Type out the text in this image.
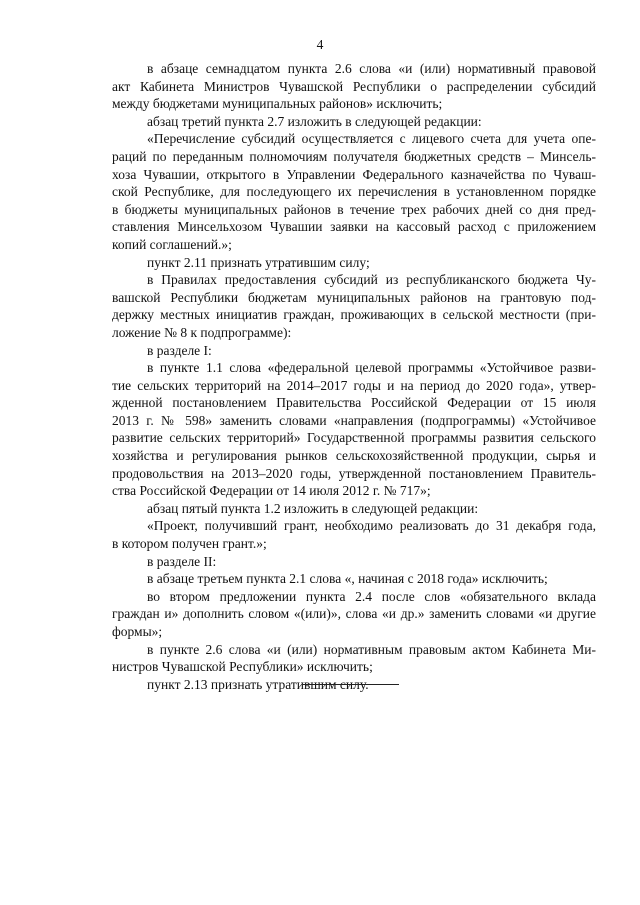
4
в абзаце семнадцатом пункта 2.6 слова «и (или) нормативный правовой
акт Кабинета Министров Чувашской Республики о распределении субсидий
между бюджетами муниципальных районов» исключить;
абзац третий пункта 2.7 изложить в следующей редакции:
«Перечисление субсидий осуществляется с лицевого счета для учета опе-
раций по переданным полномочиям получателя бюджетных средств – Минсель-
хоза Чувашии, открытого в Управлении Федерального казначейства по Чуваш-
ской Республике, для последующего их перечисления в установленном порядке
в бюджеты муниципальных районов в течение трех рабочих дней со дня пред-
ставления Минсельхозом Чувашии заявки на кассовый расход с приложением
копий соглашений.»;
пункт 2.11 признать утратившим силу;
в Правилах предоставления субсидий из республиканского бюджета Чу-
вашской Республики бюджетам муниципальных районов на грантовую под-
держку местных инициатив граждан, проживающих в сельской местности (при-
ложение № 8 к подпрограмме):
в разделе I:
в пункте 1.1 слова «федеральной целевой программы «Устойчивое разви-
тие сельских территорий на 2014–2017 годы и на период до 2020 года», утвер-
жденной постановлением Правительства Российской Федерации от 15 июля
2013 г. № 598» заменить словами «направления (подпрограммы) «Устойчивое
развитие сельских территорий» Государственной программы развития сельского
хозяйства и регулирования рынков сельскохозяйственной продукции, сырья и
продовольствия на 2013–2020 годы, утвержденной постановлением Правитель-
ства Российской Федерации от 14 июля 2012 г. № 717»;
абзац пятый пункта 1.2 изложить в следующей редакции:
«Проект, получивший грант, необходимо реализовать до 31 декабря года,
в котором получен грант.»;
в разделе II:
в абзаце третьем пункта 2.1 слова «, начиная с 2018 года» исключить;
во втором предложении пункта 2.4 после слов «обязательного вклада
граждан и» дополнить словом «(или)», слова «и др.» заменить словами «и другие
формы»;
в пункте 2.6 слова «и (или) нормативным правовым актом Кабинета Ми-
нистров Чувашской Республики» исключить;
пункт 2.13 признать утратившим силу.
